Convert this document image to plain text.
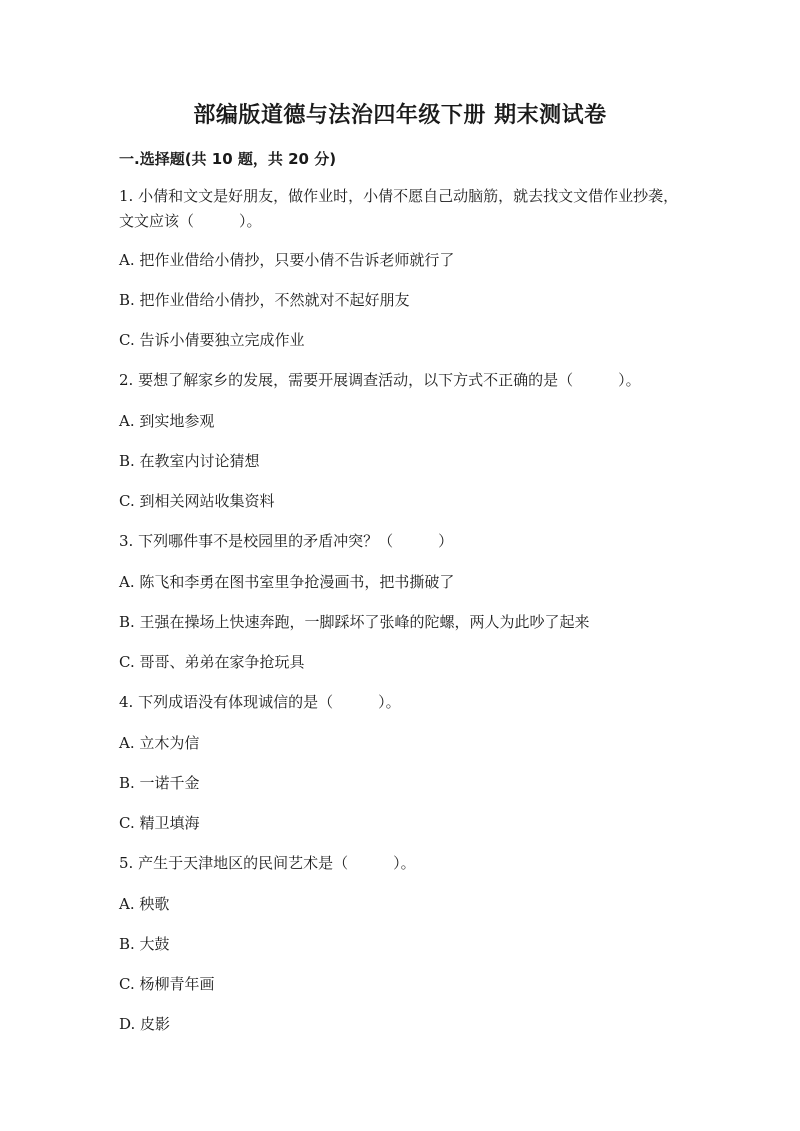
部编版道德与法治四年级下册 期末测试卷
一.选择题(共 10 题，共 20 分)
1. 小倩和文文是好朋友，做作业时，小倩不愿自己动脑筋，就去找文文借作业抄袭，文文应该（　　　）。
A. 把作业借给小倩抄，只要小倩不告诉老师就行了
B. 把作业借给小倩抄，不然就对不起好朋友
C. 告诉小倩要独立完成作业
2. 要想了解家乡的发展，需要开展调查活动，以下方式不正确的是（　　　）。
A. 到实地参观
B. 在教室内讨论猜想
C. 到相关网站收集资料
3. 下列哪件事不是校园里的矛盾冲突？（　　　）
A. 陈飞和李勇在图书室里争抢漫画书，把书撕破了
B. 王强在操场上快速奔跑，一脚踩坏了张峰的陀螺，两人为此吵了起来
C. 哥哥、弟弟在家争抢玩具
4. 下列成语没有体现诚信的是（　　　）。
A. 立木为信
B. 一诺千金
C. 精卫填海
5. 产生于天津地区的民间艺术是（　　　）。
A. 秧歌
B. 大鼓
C. 杨柳青年画
D. 皮影
